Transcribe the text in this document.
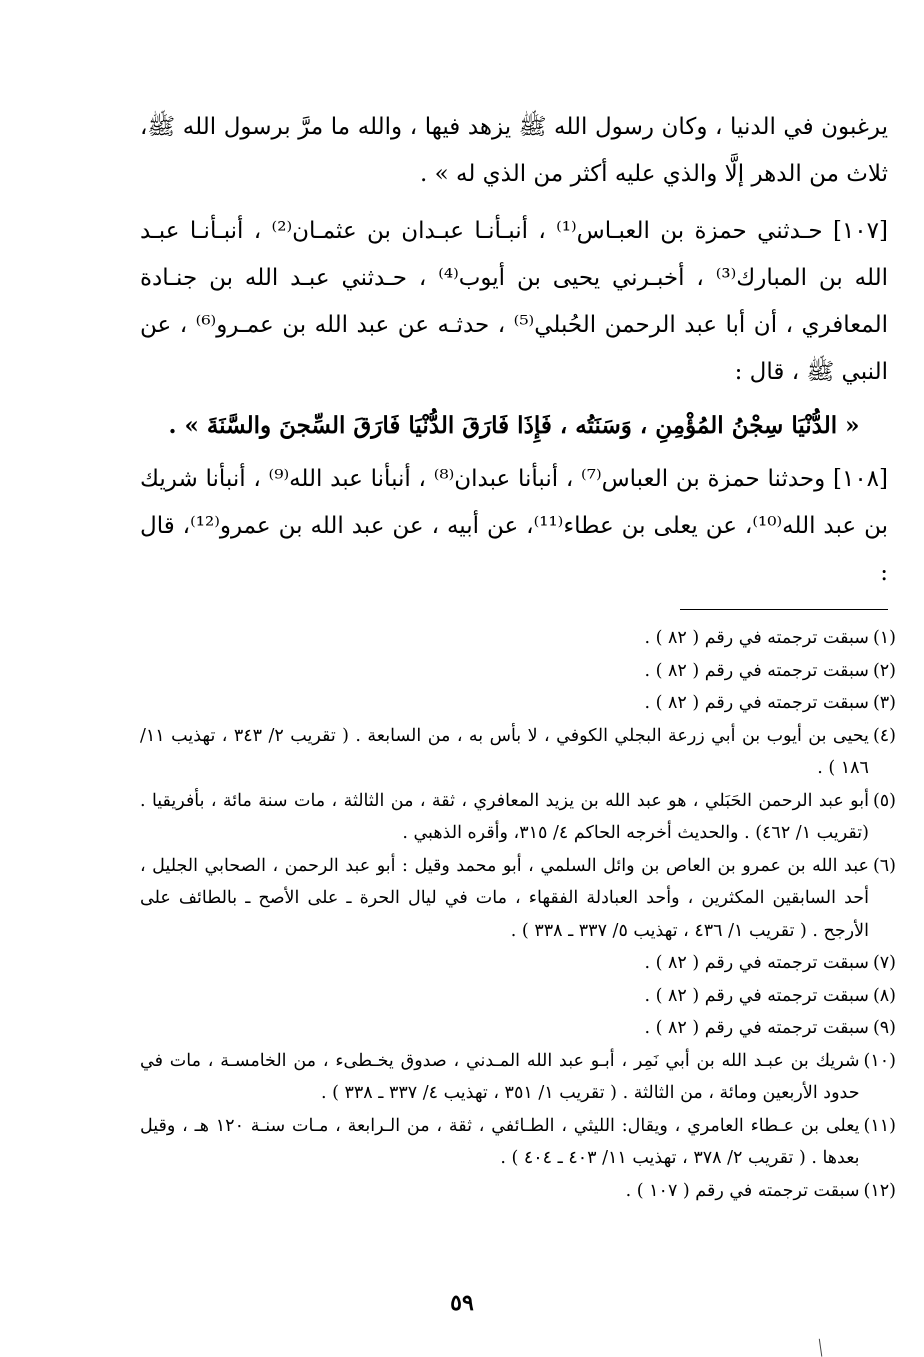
يرغبون في الدنيا ، وكان رسول الله ﷺ يزهد فيها ، والله ما مرَّ برسول الله ﷺ، ثلاث من الدهر إلَّا والذي عليه أكثر من الذي له » .

[١٠٧] حـدثني حمزة بن العبـاس⁽¹⁾ ، أنبـأنـا عبـدان بن عثمـان⁽²⁾ ، أنبـأنـا عبـد الله بن المبارك⁽³⁾ ، أخبـرني يحيى بن أيوب⁽⁴⁾ ، حـدثني عبـد الله بن جنـادة المعافري ، أن أبا عبد الرحمن الحُبلي⁽⁵⁾ ، حدثـه عن عبد الله بن عمـرو⁽⁶⁾ ، عن النبي ﷺ ، قال :

« الدُّنْيَا سِجْنُ المُؤْمِنِ ، وَسَنَتُه ، فَإِذَا فَارَقَ الدُّنْيَا فَارَقَ السِّجنَ والسَّنَةَ » .

[١٠٨] وحدثنا حمزة بن العباس⁽⁷⁾ ، أنبأنا عبدان⁽⁸⁾ ، أنبأنا عبد الله⁽⁹⁾ ، أنبأنا شريك بن عبد الله⁽¹⁰⁾، عن يعلى بن عطاء⁽¹¹⁾، عن أبيه ، عن عبد الله بن عمرو⁽¹²⁾، قال :

(١)
سبقت ترجمته في رقم ( ٨٢ ) .
(٢)
سبقت ترجمته في رقم ( ٨٢ ) .
(٣)
سبقت ترجمته في رقم ( ٨٢ ) .
(٤)
يحيى بن أيوب بن أبي زرعة البجلي الكوفي ، لا بأس به ، من السابعة . ( تقريب ٢/ ٣٤٣ ، تهذيب ١١/ ١٨٦ ) .
(٥)
أبو عبد الرحمن الحَبَلي ، هو عبد الله بن يزيد المعافري ، ثقة ، من الثالثة ، مات سنة مائة ، بأفريقيا . (تقريب ١/ ٤٦٢) . والحديث أخرجه الحاكم ٤/ ٣١٥، وأقره الذهبي .
(٦)
عبد الله بن عمرو بن العاص بن وائل السلمي ، أبو محمد وقيل : أبو عبد الرحمن ، الصحابي الجليل ، أحد السابقين المكثرين ، وأحد العبادلة الفقهاء ، مات في ليال الحرة ـ على الأصح ـ بالطائف على الأرجح . ( تقريب ١/ ٤٣٦ ، تهذيب ٥/ ٣٣٧ ـ ٣٣٨ ) .
(٧)
سبقت ترجمته في رقم ( ٨٢ ) .
(٨)
سبقت ترجمته في رقم ( ٨٢ ) .
(٩)
سبقت ترجمته في رقم ( ٨٢ ) .
(١٠)
شريك بن عبـد الله بن أبي نَمِر ، أبـو عبد الله المـدني ، صدوق يخـطىء ، من الخامسـة ، مات في حدود الأربعين ومائة ، من الثالثة . ( تقريب ١/ ٣٥١ ، تهذيب ٤/ ٣٣٧ ـ ٣٣٨ ) .
(١١)
يعلى بن عـطاء العامري ، ويقال: الليثي ، الطـائفي ، ثقة ، من الـرابعة ، مـات سنـة ١٢٠ هـ ، وقيل بعدها . ( تقريب ٢/ ٣٧٨ ، تهذيب ١١/ ٤٠٣ ـ ٤٠٤ ) .
(١٢)
سبقت ترجمته في رقم ( ١٠٧ ) .
٥٩
